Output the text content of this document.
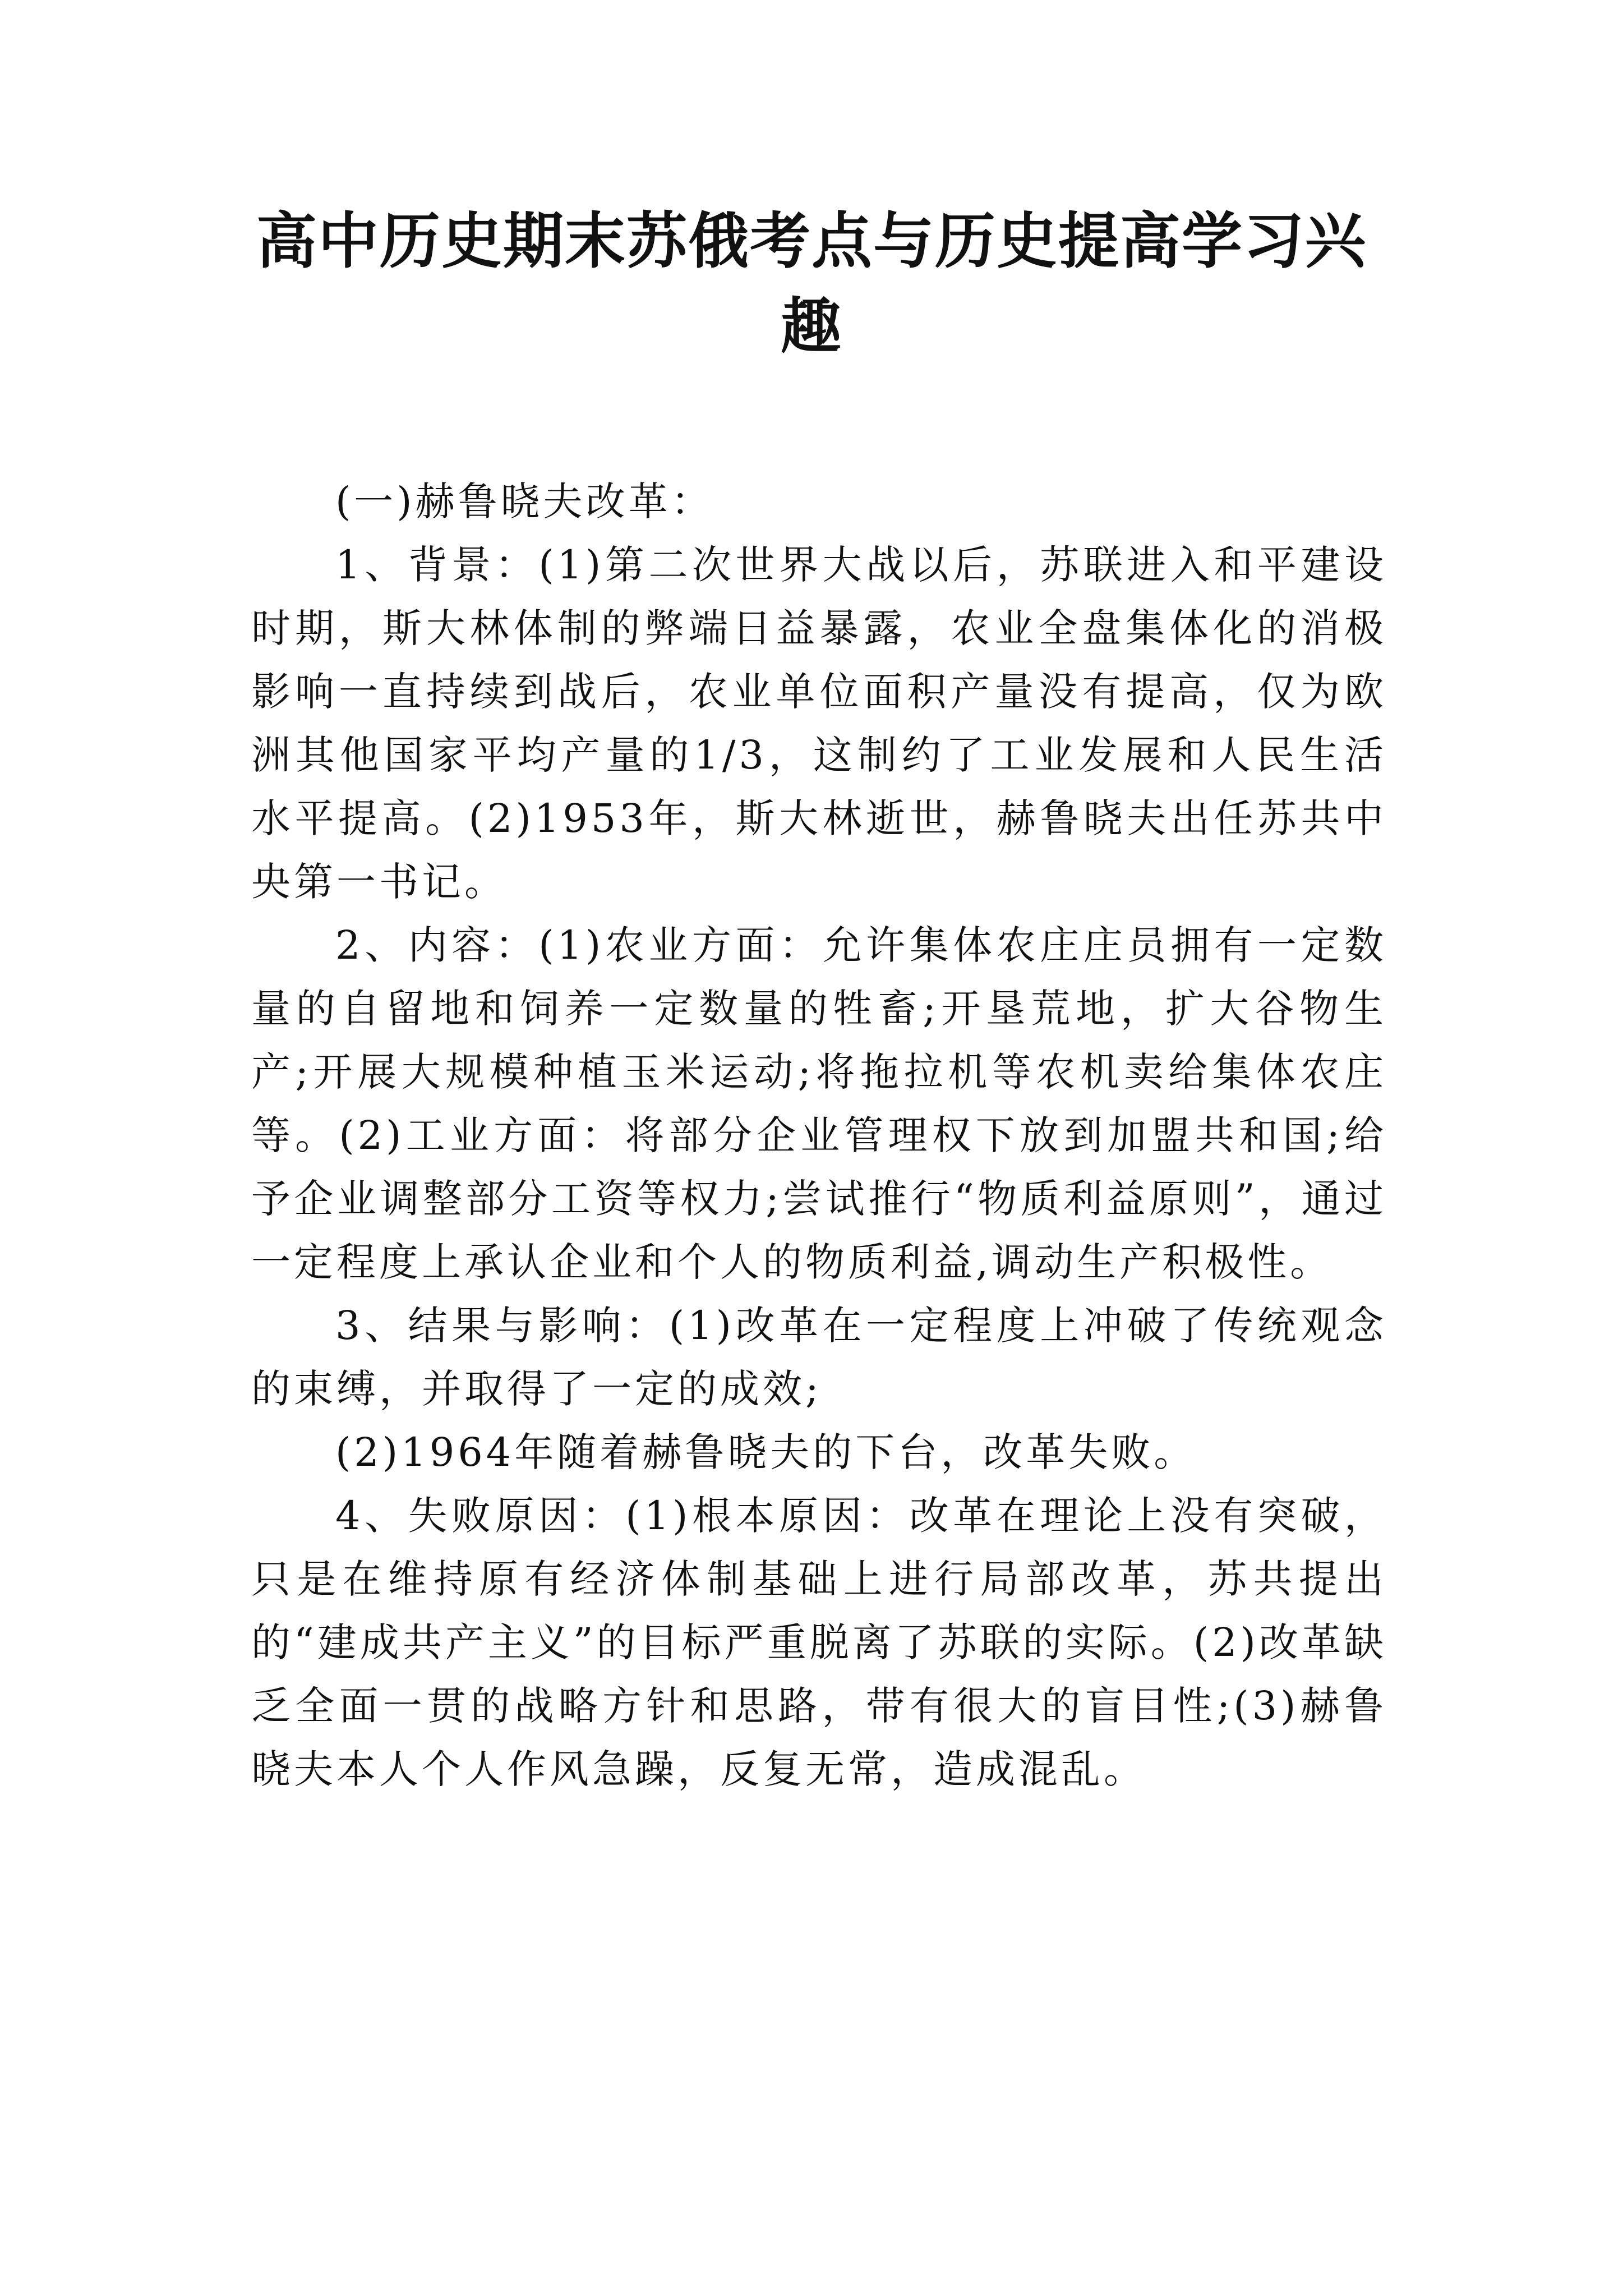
高中历史期末苏俄考点与历史提高学习兴趣

(一)赫鲁晓夫改革：

1、背景：(1)第二次世界大战以后，苏联进入和平建设时期，斯大林体制的弊端日益暴露，农业全盘集体化的消极影响一直持续到战后，农业单位面积产量没有提高，仅为欧洲其他国家平均产量的1/3，这制约了工业发展和人民生活水平提高。(2)1953年，斯大林逝世，赫鲁晓夫出任苏共中央第一书记。

2、内容：(1)农业方面：允许集体农庄庄员拥有一定数量的自留地和饲养一定数量的牲畜;开垦荒地，扩大谷物生产;开展大规模种植玉米运动;将拖拉机等农机卖给集体农庄等。(2)工业方面：将部分企业管理权下放到加盟共和国;给予企业调整部分工资等权力;尝试推行“物质利益原则”，通过一定程度上承认企业和个人的物质利益,调动生产积极性。

3、结果与影响：(1)改革在一定程度上冲破了传统观念的束缚，并取得了一定的成效;

(2)1964年随着赫鲁晓夫的下台，改革失败。

4、失败原因：(1)根本原因：改革在理论上没有突破，只是在维持原有经济体制基础上进行局部改革，苏共提出的“建成共产主义”的目标严重脱离了苏联的实际。(2)改革缺乏全面一贯的战略方针和思路，带有很大的盲目性;(3)赫鲁晓夫本人个人作风急躁，反复无常，造成混乱。
